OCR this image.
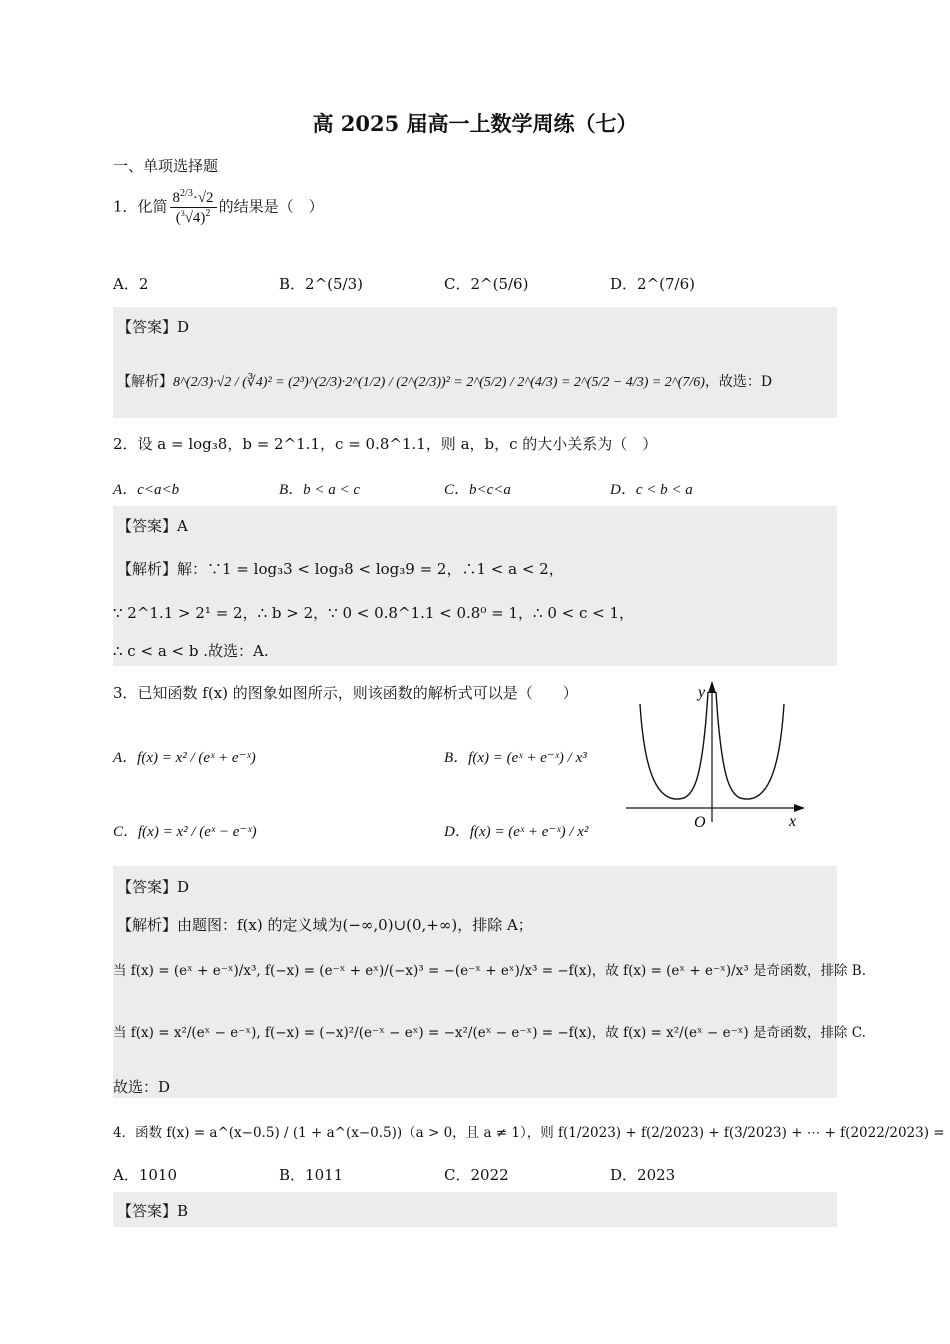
高 2025 届高一上数学周练（七）
一、单项选择题
1．化简 $\frac{8^{2/3}\cdot√2}{(^3√4)^2}$ 的结果是（　）
A．2	B．2^(5/3)	C．2^(5/6)	D．2^(7/6)
【答案】D
【解析】8^(2/3)·√2 / (∛4)² = (2³)^(2/3)·2^(1/2) / (2^(2/3))² = 2^(5/2) / 2^(4/3) = 2^(5/2 − 4/3) = 2^(7/6)，故选：D
2．设 a = log₃8，b = 2^1.1，c = 0.8^1.1，则 a，b，c 的大小关系为（　）
A．c<a<b	B．b < a < c	C．b<c<a	D．c < b < a
【答案】A
【解析】解：∵1 = log₃3 < log₃8 < log₃9 = 2，∴1 < a < 2，
∵ 2^1.1 > 2¹ = 2，∴ b > 2，∵ 0 < 0.8^1.1 < 0.8⁰ = 1，∴ 0 < c < 1，
∴ c < a < b .故选：A.
3．已知函数 f(x) 的图象如图所示，则该函数的解析式可以是（　　）
A．f(x) = x² / (eˣ + e⁻ˣ)	B．f(x) = (eˣ + e⁻ˣ) / x³
C．f(x) = x² / (eˣ − e⁻ˣ)	D．f(x) = (eˣ + e⁻ˣ) / x²
y
x
O
【答案】D
【解析】由题图：f(x) 的定义域为(−∞,0)∪(0,+∞)，排除 A；
当 f(x) = (eˣ + e⁻ˣ)/x³, f(−x) = (e⁻ˣ + eˣ)/(−x)³ = −(e⁻ˣ + eˣ)/x³ = −f(x)，故 f(x) = (eˣ + e⁻ˣ)/x³ 是奇函数，排除 B.
当 f(x) = x²/(eˣ − e⁻ˣ), f(−x) = (−x)²/(e⁻ˣ − eˣ) = −x²/(eˣ − e⁻ˣ) = −f(x)，故 f(x) = x²/(eˣ − e⁻ˣ) 是奇函数，排除 C.
故选：D
4．函数 f(x) = a^(x−0.5) / (1 + a^(x−0.5))（a > 0，且 a ≠ 1），则 f(1/2023) + f(2/2023) + f(3/2023) + ⋯ + f(2022/2023) =
A．1010	B．1011	C．2022	D．2023
【答案】B
